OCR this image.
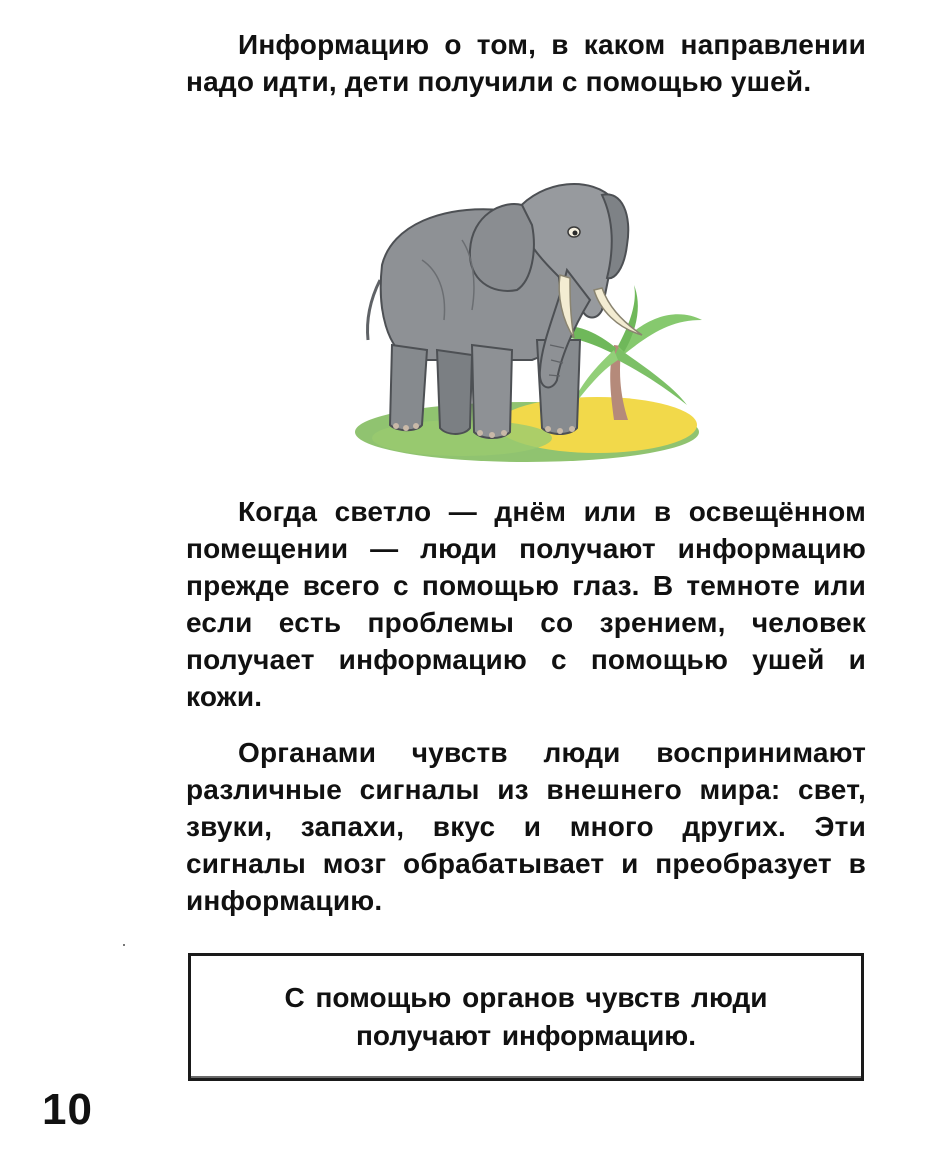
Информацию о том, в каком направлении надо идти, дети получили с помощью ушей.

Когда светло — днём или в освещённом помещении — люди получают информацию прежде всего с помощью глаз. В темноте или если есть проблемы со зрением, человек получает информацию с помощью ушей и кожи.

Органами чувств люди воспринимают различные сигналы из внешнего мира: свет, звуки, запахи, вкус и много других. Эти сигналы мозг обрабатывает и преобразует в информацию.

С помощью органов чувств люди получают информацию.
10
